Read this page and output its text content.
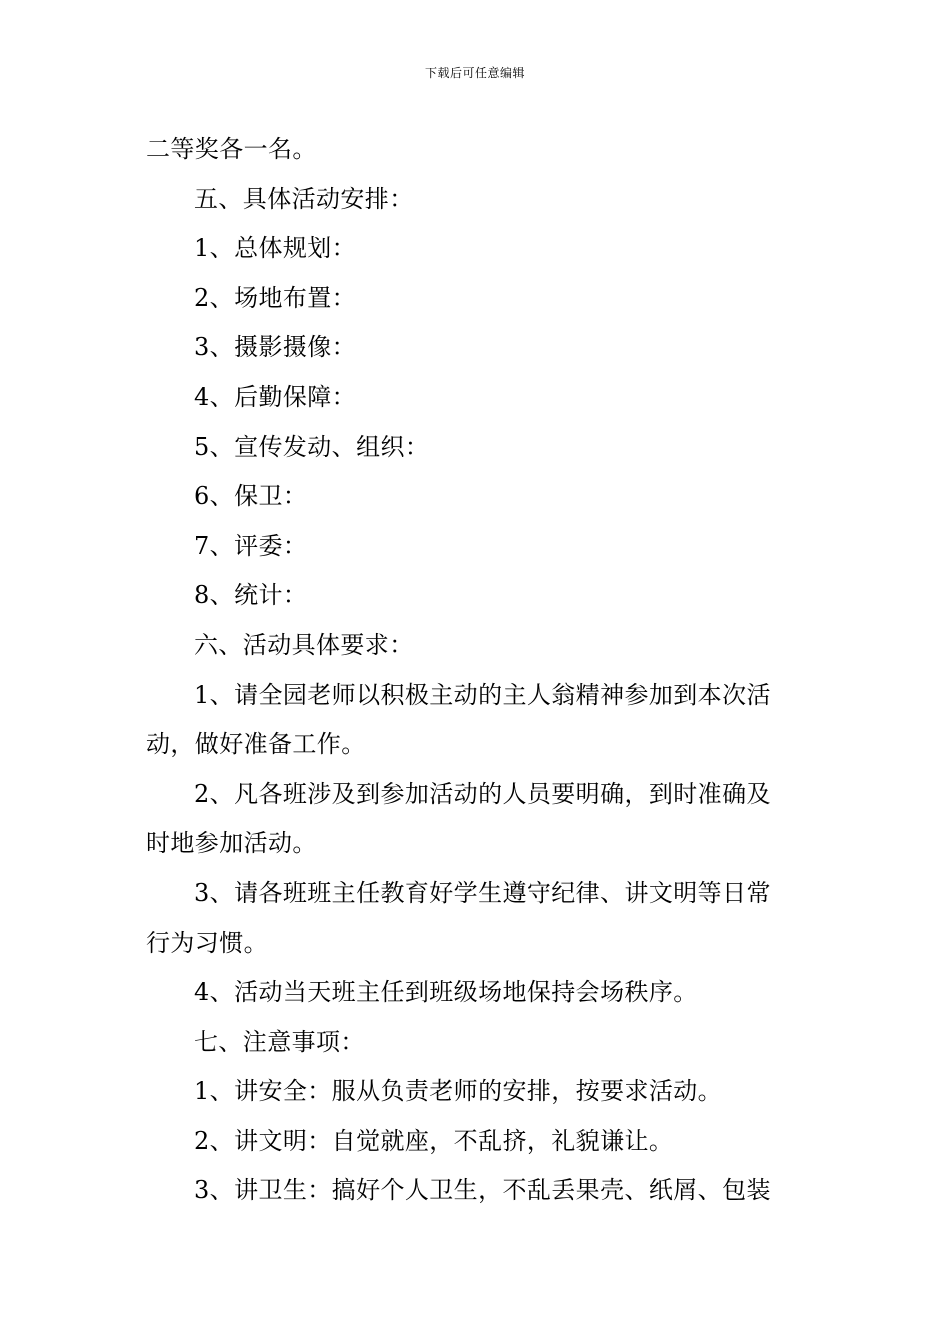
下载后可任意编辑
二等奖各一名。
五、具体活动安排：
1、总体规划：
2、场地布置：
3、摄影摄像：
4、后勤保障：
5、宣传发动、组织：
6、保卫：
7、评委：
8、统计：
六、活动具体要求：
1、请全园老师以积极主动的主人翁精神参加到本次活
动，做好准备工作。
2、凡各班涉及到参加活动的人员要明确，到时准确及
时地参加活动。
3、请各班班主任教育好学生遵守纪律、讲文明等日常
行为习惯。
4、活动当天班主任到班级场地保持会场秩序。
七、注意事项：
1、讲安全：服从负责老师的安排，按要求活动。
2、讲文明：自觉就座，不乱挤，礼貌谦让。
3、讲卫生：搞好个人卫生，不乱丢果壳、纸屑、包装
